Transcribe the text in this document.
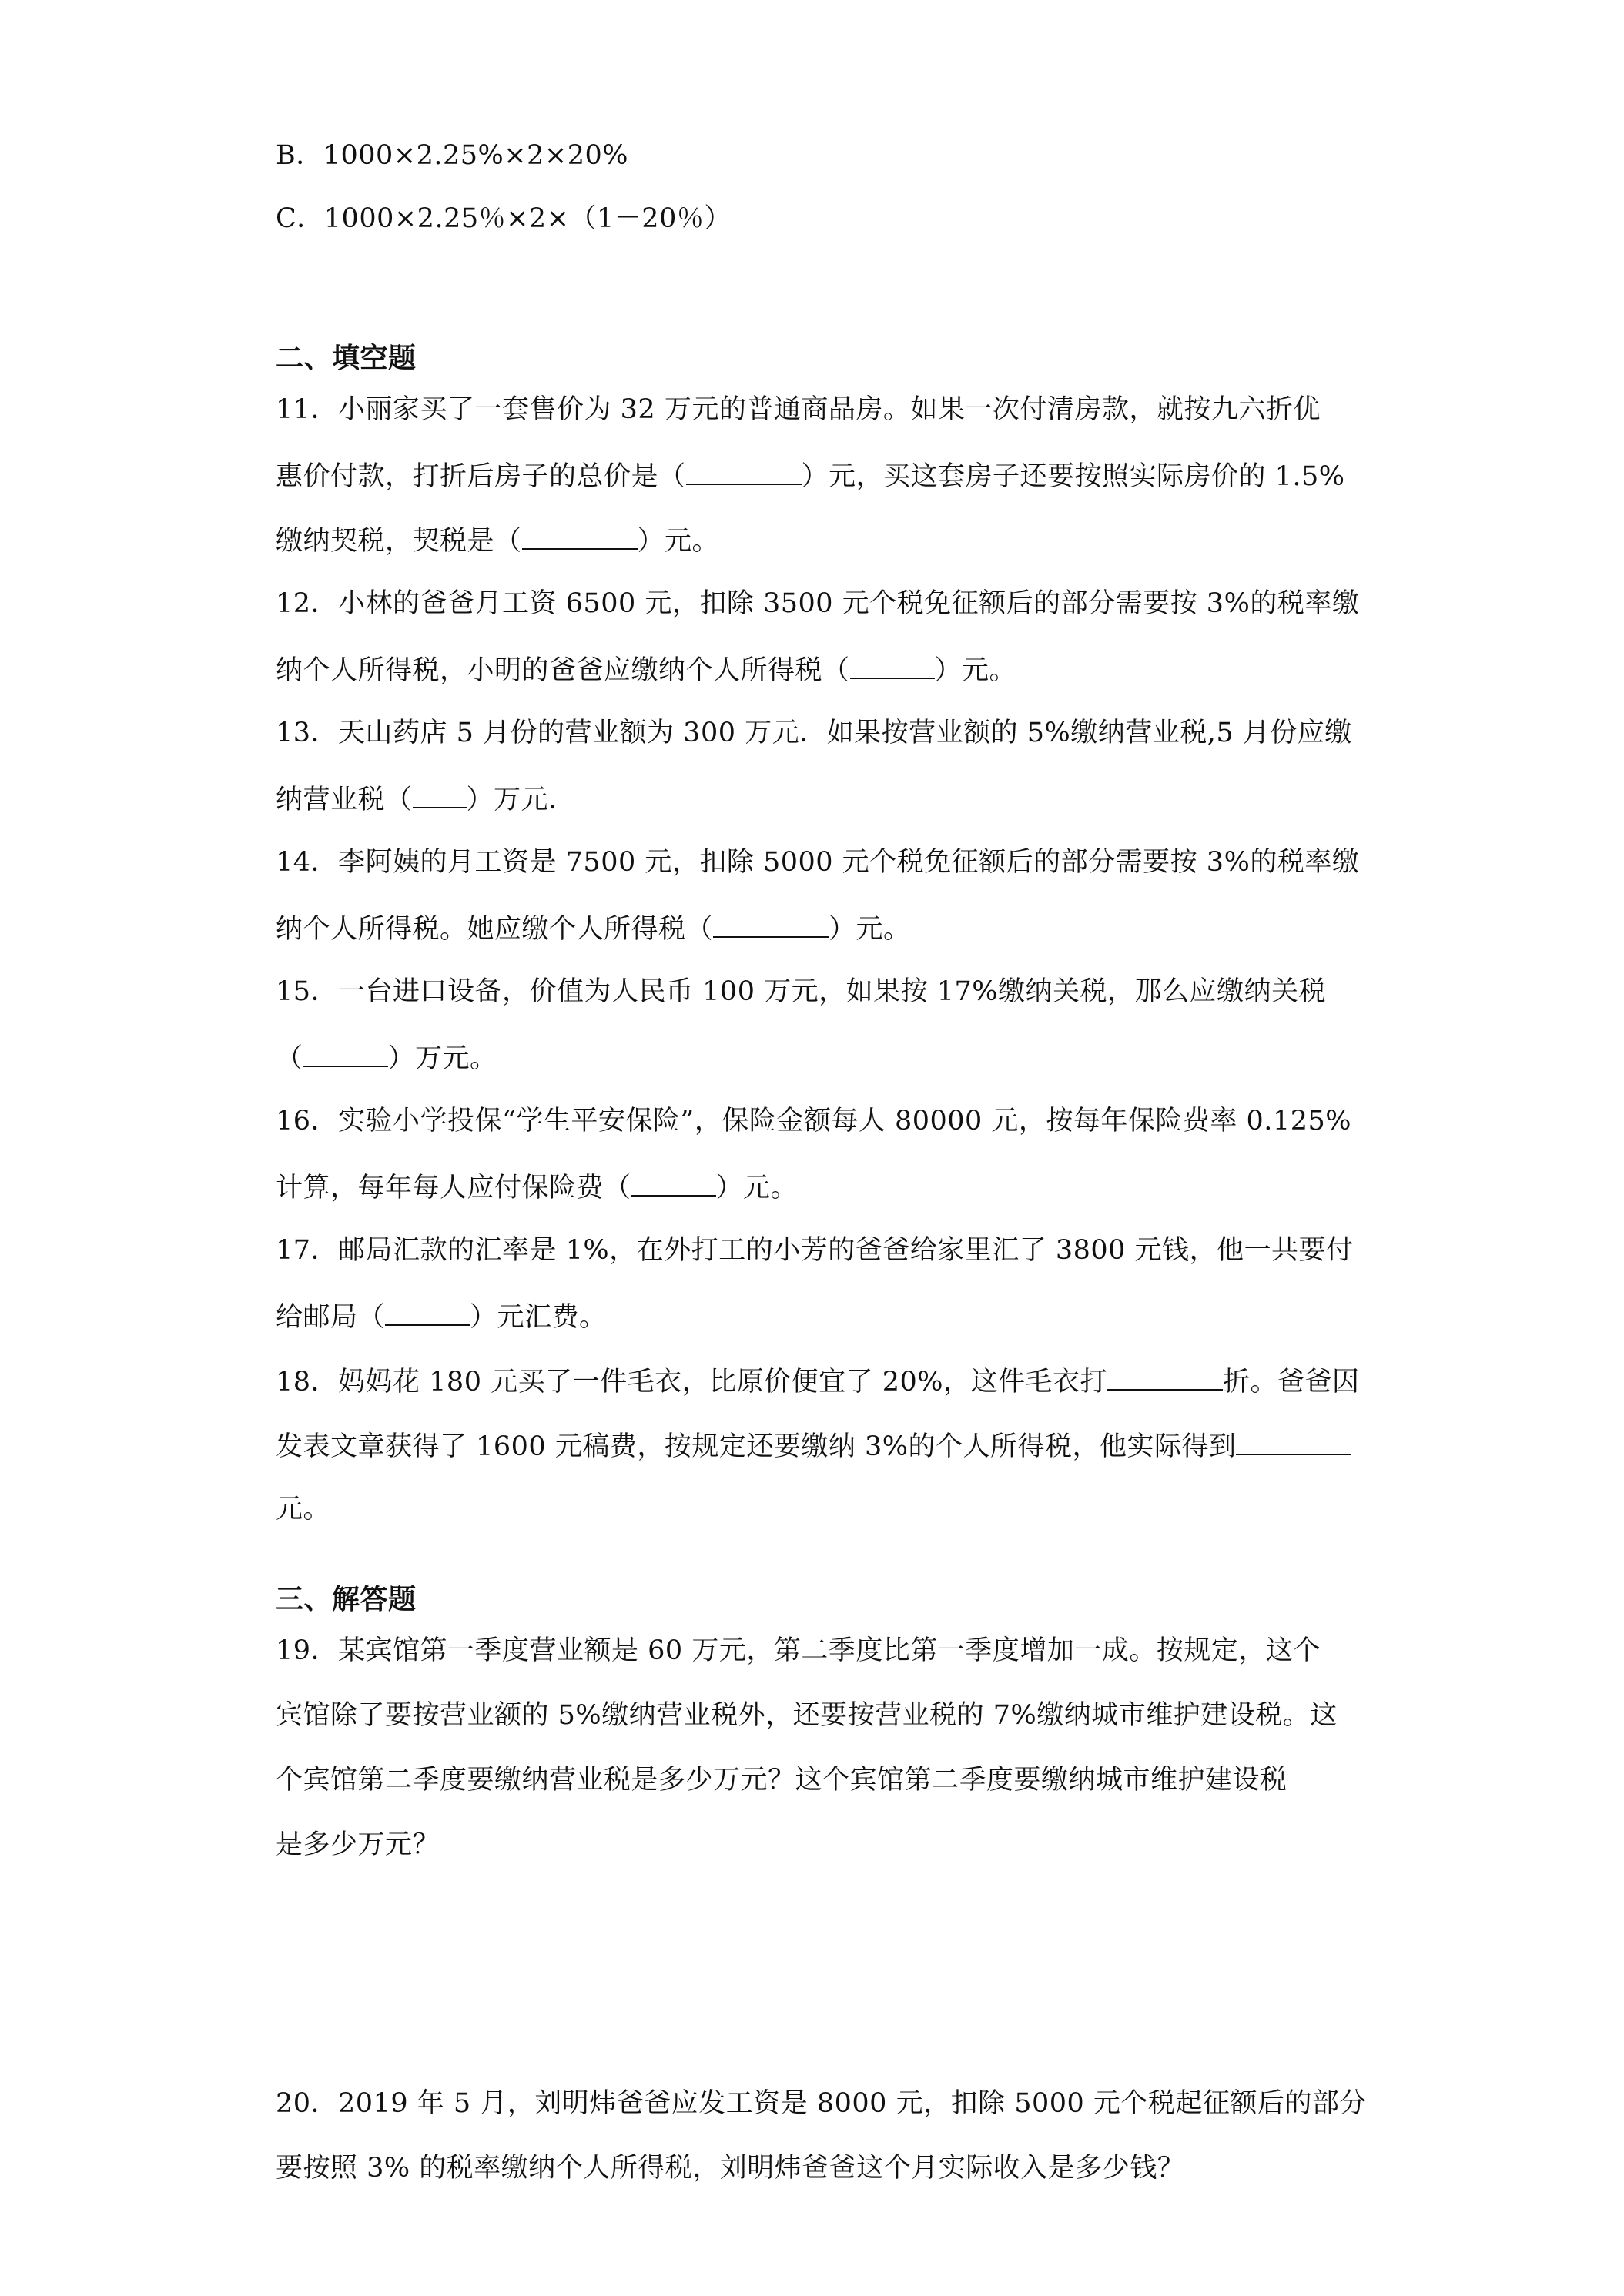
B．1000×2.25%×2×20%
C．1000×2.25％×2×（1－20％）
二、填空题
11．小丽家买了一套售价为 32 万元的普通商品房。如果一次付清房款，就按九六折优
惠价付款，打折后房子的总价是（	）元，买这套房子还要按照实际房价的 1.5%
缴纳契税，契税是（	）元。
12．小林的爸爸月工资 6500 元，扣除 3500 元个税免征额后的部分需要按 3%的税率缴
纳个人所得税，小明的爸爸应缴纳个人所得税（	）元。
13．天山药店 5 月份的营业额为 300 万元．如果按营业额的 5%缴纳营业税,5 月份应缴
纳营业税（ ）万元．
14．李阿姨的月工资是 7500 元，扣除 5000 元个税免征额后的部分需要按 3%的税率缴
纳个人所得税。她应缴个人所得税（	）元。
15．一台进口设备，价值为人民币 100 万元，如果按 17%缴纳关税，那么应缴纳关税
（	）万元。
16．实验小学投保“学生平安保险”，保险金额每人 80000 元，按每年保险费率 0.125%
计算，每年每人应付保险费（	）元。
17．邮局汇款的汇率是 1%，在外打工的小芳的爸爸给家里汇了 3800 元钱，他一共要付
给邮局（	）元汇费。
18．妈妈花 180 元买了一件毛衣，比原价便宜了 20%，这件毛衣打	折。爸爸因
发表文章获得了 1600 元稿费，按规定还要缴纳 3%的个人所得税，他实际得到
元。
三、解答题
19．某宾馆第一季度营业额是 60 万元，第二季度比第一季度增加一成。按规定，这个
宾馆除了要按营业额的 5%缴纳营业税外，还要按营业税的 7%缴纳城市维护建设税。这
个宾馆第二季度要缴纳营业税是多少万元？这个宾馆第二季度要缴纳城市维护建设税
是多少万元？
20．2019 年 5 月，刘明炜爸爸应发工资是 8000 元，扣除 5000 元个税起征额后的部分
要按照 3% 的税率缴纳个人所得税，刘明炜爸爸这个月实际收入是多少钱？
